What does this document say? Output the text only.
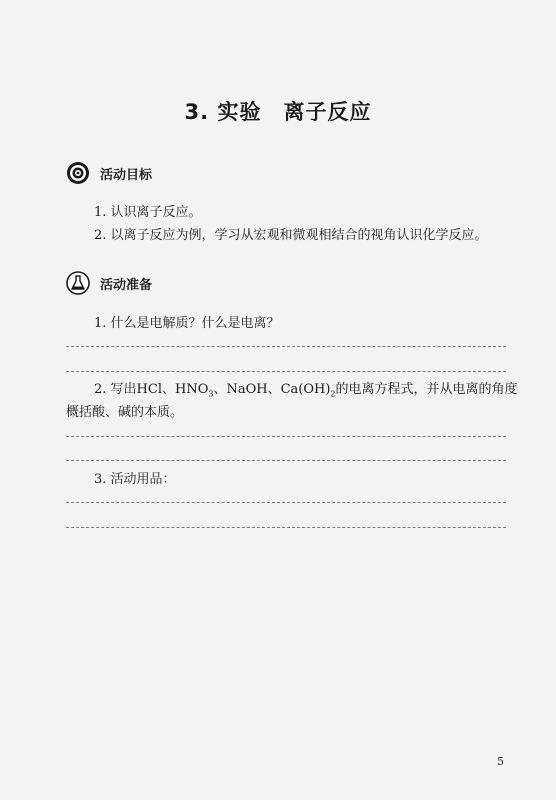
3. 实验　离子反应
活动目标
1. 认识离子反应。
2. 以离子反应为例，学习从宏观和微观相结合的视角认识化学反应。
活动准备
1. 什么是电解质？什么是电离？
2. 写出HCl、$HNO_3$、NaOH、$Ca(OH)_2$的电离方程式，并从电离的角度
概括酸、碱的本质。
3. 活动用品：
5
